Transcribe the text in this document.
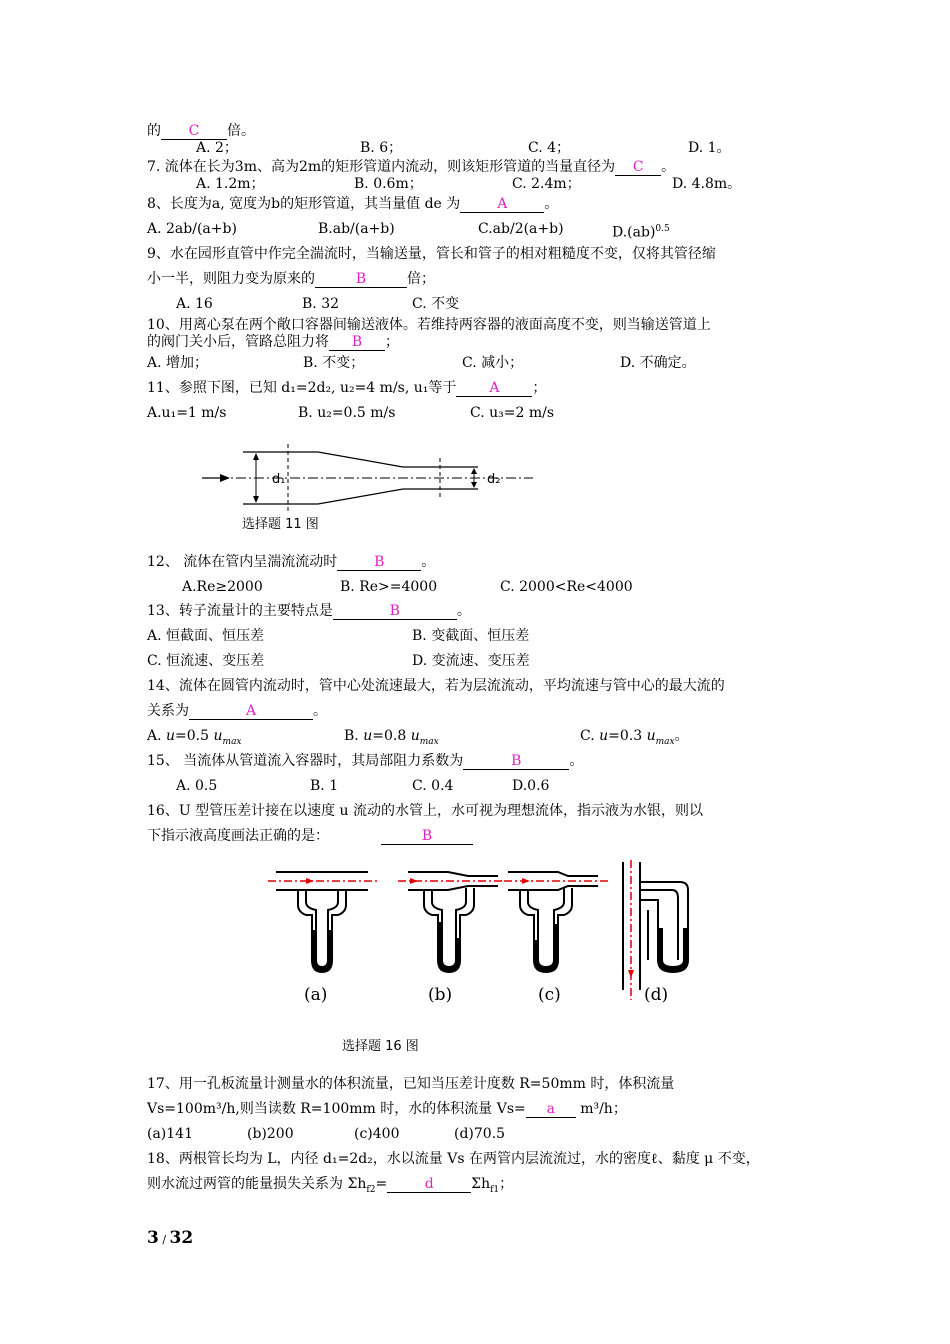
的 C 倍。
A. 2；	B. 6；	C. 4；	D. 1。
7. 流体在长为3m、高为2m的矩形管道内流动，则该矩形管道的当量直径为 C 。
A. 1.2m；	B. 0.6m；	C. 2.4m；	D. 4.8m。
8、长度为a, 宽度为b的矩形管道，其当量值 de 为	A	。
A. 2ab/(a+b)	B.ab/(a+b)	C.ab/2(a+b)	D.(ab)$^{0.5}$
9、水在园形直管中作完全湍流时，当输送量，管长和管子的相对粗糙度不变，仅将其管径缩
小一半，则阻力变为原来的	B	倍；
A. 16	B. 32	C. 不变
10、用离心泵在两个敞口容器间输送液体。若维持两容器的液面高度不变，则当输送管道上
的阀门关小后，管路总阻力将 B ；
A. 增加；	B. 不变；	C. 减小；	D. 不确定。
11、参照下图，已知 d₁=2d₂, u₂=4 m/s, u₁等于 A ；
A.u₁=1 m/s	B. u₂=0.5 m/s	C. u₃=2 m/s
d₁	d₂
选择题 11 图
12、 流体在管内呈湍流流动时	B	。
A.Re≥2000	B. Re>=4000	C. 2000<Re<4000
13、转子流量计的主要特点是	B	。
A. 恒截面、恒压差	B. 变截面、恒压差
C. 恒流速、变压差	D. 变流速、变压差
14、流体在圆管内流动时，管中心处流速最大，若为层流流动，平均流速与管中心的最大流的
关系为	A	。
A. u=0.5 $u_{max}$	B. u=0.8 $u_{max}$	C. u=0.3 $u_{max}$。
15、 当流体从管道流入容器时，其局部阻力系数为	B	。
A. 0.5	B. 1	C. 0.4	D.0.6
16、U 型管压差计接在以速度 u 流动的水管上，水可视为理想流体，指示液为水银，则以
下指示液高度画法正确的是：	B
(a)	(b)	(c)	(d)
选择题 16 图
17、用一孔板流量计测量水的体积流量，已知当压差计度数 R=50mm 时，体积流量
Vs=100m³/h,则当读数 R=100mm 时，水的体积流量 Vs= a m³/h；
(a)141	(b)200	(c)400	(d)70.5
18、两根管长均为 L，内径 d₁=2d₂，水以流量 Vs 在两管内层流流过，水的密度ℓ、黏度 μ 不变，
则水流过两管的能量损失关系为 $\Sigma h_{f2}=$	d	$\Sigma h_{f1}$；
3 / 32
